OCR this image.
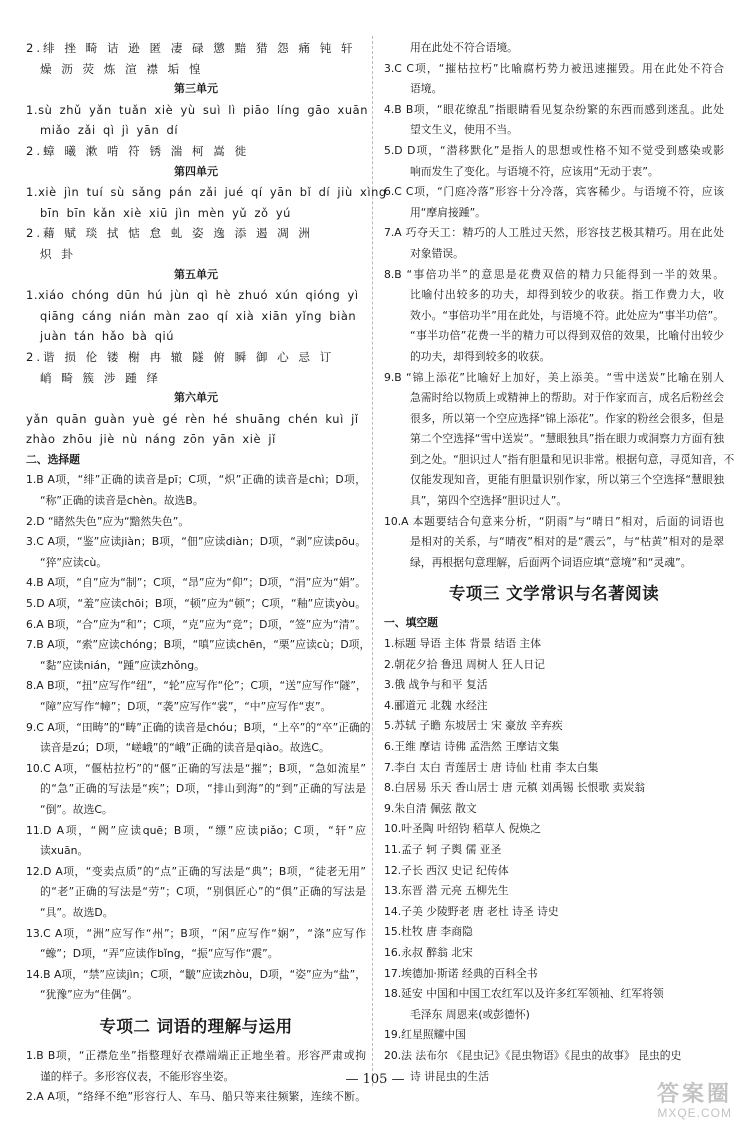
2.绯 挫 畸 诘 逊 匿 凄 碌 懲 黯 猎 怨 痛 钝 轩
燥 沥 荧 炼 渲 襟 垢 惶
第三单元
1.sù zhǔ yǎn tuǎn xiè yù suì lì piāo líng gāo xuān
miǎo zǎi qì jì yān dí
2.蟑 曦 漱 啃 符 锈 湍 柯 嵩 徙
第四单元
1.xiè jìn tuí sù sǎng pán zǎi jué qí yān bǐ dí jiù xìng
bīn bīn kǎn xiè xiū jìn mèn yǔ zǒ yú
2.藉 赋 琰 拭 惦 怠 虬 姿 逸 添 遏 凋 洲
炽 卦
第五单元
1.xiáo chóng dūn hú jùn qì hè zhuó xún qióng yì
qiāng cáng nián màn zao qí xià xiān yǐng biàn
juàn tán hǎo bà qiú
2.谐 损 伦 镂 榭 冉 辙 隧 俯 瞬 御 心 忌 订
峭 畸 簇 涉 踵 绎
第六单元
yǎn quān guàn yuè gé rèn hé shuāng chén kuì jǐ
zhào zhōu jiè nù náng zōn yān xiè jǐ
二、选择题
1.B A项，“绯”正确的读音是pī；C项，“炽”正确的读音是chì；D项，
“称”正确的读音是chèn。故选B。
2.D “睹然失色”应为“黯然失色”。
3.C A项，“鉴”应读jiàn；B项，“佃”应读diàn；D项，“剥”应读pōu。
“猝”应读cù。
4.B A项，“自”应为“制”；C项，“昂”应为“仰”；D项，“涓”应为“娟”。
5.D A项，“羞”应读chōi；B项，“顿”应为“顿”；C项，“釉”应读yòu。
6.A B项，“合”应为“和”；C项，“克”应为“竞”；D项，“签”应为“清”。
7.B A项，“索”应读chóng；B项，“嗔”应读chēn，“栗”应读cù；D项，
“黏”应读nián，“踵”应读zhǒng。
8.A B项，“扭”应写作“纽”，“轮”应写作“伦”；C项，“送”应写作“隧”，
“障”应写作“幛”；D项，“袭”应写作“裳”，“中”应写作“衷”。
9.C A项，“田畴”的“畴”正确的读音是chóu；B项，“上卒”的“卒”正确的
读音是zú；D项，“嵯峨”的“峨”正确的读音是qiào。故选C。
10.C A项，“偃枯拉朽”的“偃”正确的写法是“摧”；B项，“急如流星”
的“急”正确的写法是“疾”；D项，“排山到海”的“到”正确的写法是
“倒”。故选C。
11.D A项，“阙”应读quē；B项，“缥”应读piǎo；C项，“轩”应
读xuān。
12.D A项，“变卖点质”的“点”正确的写法是“典”；B项，“徒老无用”
的“老”正确的写法是“劳”；C项，“别俱匠心”的“俱”正确的写法是
“具”。故选D。
13.C A项，“洲”应写作“州”；B项，“闲”应写作“娴”，“涤”应写作
“蟓”；D项，“弄”应读作bǐng，“振”应写作“震”。
14.B A项，“禁”应读jìn；C项，“皺”应读zhòu，D项，“姿”应为“盐”，
“犹豫”应为“佳偶”。
专项二 词语的理解与运用
1.B B项，“正襟危坐”指整理好衣襟端端正正地坐着。形容严肃或拘
谨的样子。多形容仪表，不能形容坐姿。
2.A A项，“络绎不绝”形容行人、车马、船只等来往频繁，连续不断。
用在此处不符合语境。
3.C C项，“摧枯拉朽”比喻腐朽势力被迅速摧毁。用在此处不符合
语境。
4.B B项，“眼花缭乱”指眼睛看见复杂纷繁的东西而感到迷乱。此处
望文生义，使用不当。
5.D D项，“潜移默化”是指人的思想或性格不知不觉受到感染或影
响而发生了变化。与语境不符，应该用“无动于衷”。
6.C C项，“门庭冷落”形容十分冷落，宾客稀少。与语境不符，应该
用“摩肩接踵”。
7.A 巧夺天工：精巧的人工胜过天然，形容技艺极其精巧。用在此处
对象错误。
8.B “事倍功半”的意思是花费双倍的精力只能得到一半的效果。
比喻付出较多的功夫，却得到较少的收获。指工作费力大，收
效小。“事倍功半”用在此处，与语境不符。此处应为“事半功倍”。
“事半功倍”花费一半的精力可以得到双倍的效果，比喻付出较少
的功夫，却得到较多的收获。
9.B “锦上添花”比喻好上加好，美上添美。“雪中送炭”比喻在别人
急需时给以物质上或精神上的帮助。对于作家而言，成名后粉丝会
很多，所以第一个空应选择“锦上添花”。作家的粉丝会很多，但是
第二个空选择“雪中送炭”。“慧眼独具”指在眼力或洞察力方面有独
到之处。“胆识过人”指有胆量和见识非常。根据句意，寻觅知音，不
仅能发现知音，更能有胆量识别作家，所以第三个空选择“慧眼独
具”，第四个空选择“胆识过人”。
10.A 本题要结合句意来分析，“阴雨”与“晴日”相对，后面的词语也
是相对的关系，与“晴夜”相对的是“震云”，与“枯黄”相对的是翠
绿，再根据句意理解，后面两个词语应填“意境”和“灵魂”。
专项三 文学常识与名著阅读
一、填空题
1.标题 导语 主体 背景 结语 主体
2.朝花夕拾 鲁迅 周树人 狂人日记
3.俄 战争与和平 复活
4.郦道元 北魏 水经注
5.苏轼 子瞻 东坡居士 宋 豪放 辛弃疾
6.王维 摩诘 诗佛 孟浩然 王摩诘文集
7.李白 太白 青莲居士 唐 诗仙 杜甫 李太白集
8.白居易 乐天 香山居士 唐 元稹 刘禹锡 长恨歌 卖炭翁
9.朱自清 佩弦 散文
10.叶圣陶 叶绍钧 稻草人 倪焕之
11.孟子 轲 子舆 儒 亚圣
12.子长 西汉 史记 纪传体
13.东晋 潜 元亮 五柳先生
14.子美 少陵野老 唐 老杜 诗圣 诗史
15.杜牧 唐 李商隐
16.永叔 醉翁 北宋
17.埃德加·斯诺 经典的百科全书
18.延安 中国和中国工农红军以及许多红军领袖、红军将领
毛泽东 周恩来(或彭德怀)
19.红星照耀中国
20.法 法布尔 《昆虫记》《昆虫物语》《昆虫的故事》 昆虫的史
诗 讲昆虫的生活
— 105 —
答案圈
MXQE.COM
